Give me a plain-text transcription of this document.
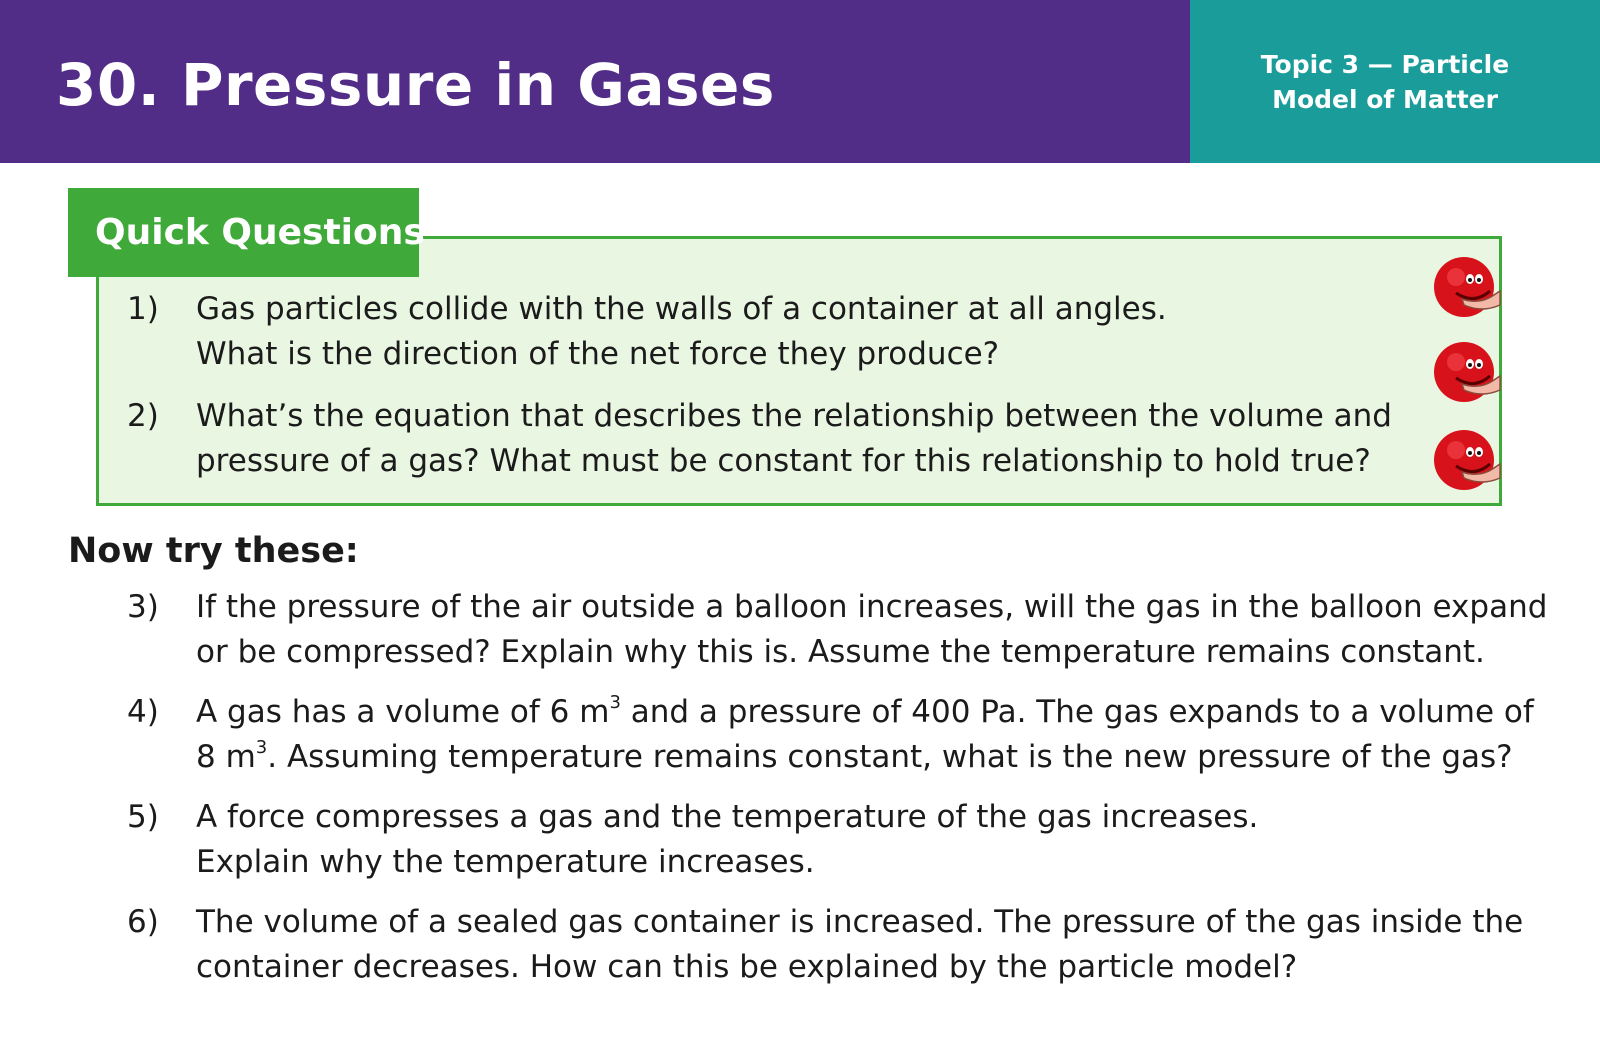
30. Pressure in Gases	Topic 3 — Particle
Model of Matter
Quick Questions
1) Gas particles collide with the walls of a container at all angles.
What is the direction of the net force they produce?
2) What’s the equation that describes the relationship between the volume and
pressure of a gas? What must be constant for this relationship to hold true?
Now try these:
3) If the pressure of the air outside a balloon increases, will the gas in the balloon expand
or be compressed? Explain why this is. Assume the temperature remains constant.
4) A gas has a volume of 6 $m^3$ and a pressure of 400 Pa. The gas expands to a volume of
8 $m^3$. Assuming temperature remains constant, what is the new pressure of the gas?
5) A force compresses a gas and the temperature of the gas increases.
Explain why the temperature increases.
6) The volume of a sealed gas container is increased. The pressure of the gas inside the
container decreases. How can this be explained by the particle model?
